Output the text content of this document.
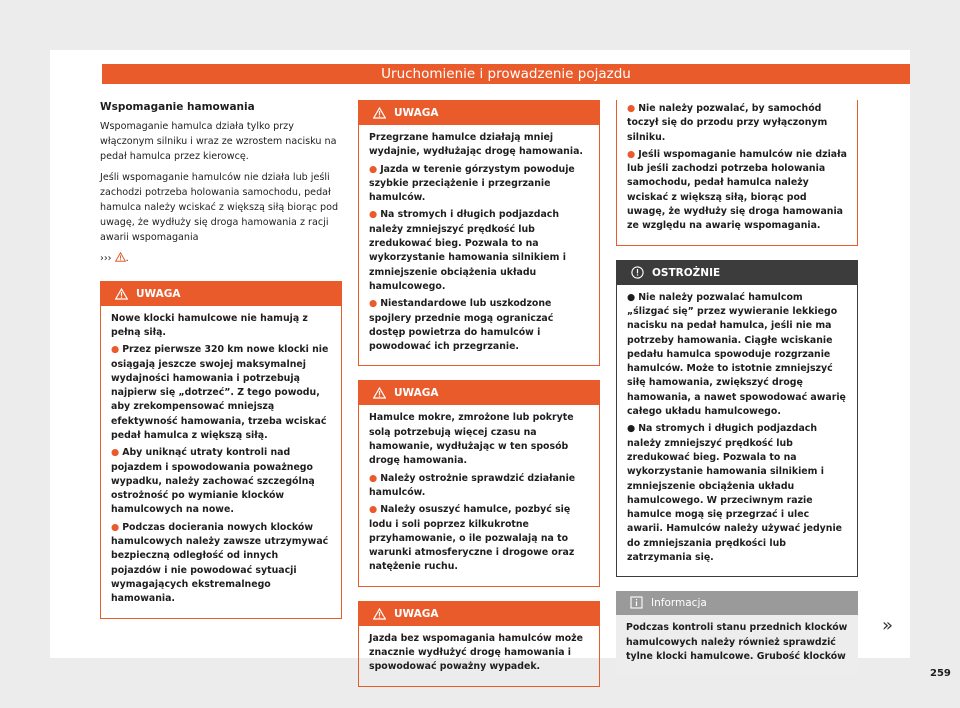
Uruchomienie i prowadzenie pojazdu
Wspomaganie hamowania

Wspomaganie hamulca działa tylko przy włączonym silniku i wraz ze wzrostem nacisku na pedał hamulca przez kierowcę.

Jeśli wspomaganie hamulców nie działa lub jeśli zachodzi potrzeba holowania samochodu, pedał hamulca należy wciskać z większą siłą biorąc pod uwagę, że wydłuży się droga hamowania z racji awarii wspomagania

››› .
UWAGA

Nowe klocki hamulcowe nie hamują z pełną siłą.

● Przez pierwsze 320 km nowe klocki nie osiągają jeszcze swojej maksymalnej wydajności hamowania i potrzebują najpierw się „dotrzeć”. Z tego powodu, aby zrekompensować mniejszą efektywność hamowania, trzeba wciskać pedał hamulca z większą siłą.
● Aby uniknąć utraty kontroli nad pojazdem i spowodowania poważnego wypadku, należy zachować szczególną ostrożność po wymianie klocków hamulcowych na nowe.
● Podczas docierania nowych klocków hamulcowych należy zawsze utrzymywać bezpieczną odległość od innych pojazdów i nie powodować sytuacji wymagających ekstremalnego hamowania.
UWAGA

Przegrzane hamulce działają mniej wydajnie, wydłużając drogę hamowania.

● Jazda w terenie górzystym powoduje szybkie przeciążenie i przegrzanie hamulców.
● Na stromych i długich podjazdach należy zmniejszyć prędkość lub zredukować bieg. Pozwala to na wykorzystanie hamowania silnikiem i zmniejszenie obciążenia układu hamulcowego.
● Niestandardowe lub uszkodzone spojlery przednie mogą ograniczać dostęp powietrza do hamulców i powodować ich przegrzanie.
UWAGA

Hamulce mokre, zmrożone lub pokryte solą potrzebują więcej czasu na hamowanie, wydłużając w ten sposób drogę hamowania.

● Należy ostrożnie sprawdzić działanie hamulców.
● Należy osuszyć hamulce, pozbyć się lodu i soli poprzez kilkukrotne przyhamowanie, o ile pozwalają na to warunki atmosferyczne i drogowe oraz natężenie ruchu.
UWAGA

Jazda bez wspomagania hamulców może znacznie wydłużyć drogę hamowania i spowodować poważny wypadek.

● Nie należy pozwalać, by samochód toczył się do przodu przy wyłączonym silniku.
● Jeśli wspomaganie hamulców nie działa lub jeśli zachodzi potrzeba holowania samochodu, pedał hamulca należy wciskać z większą siłą, biorąc pod uwagę, że wydłuży się droga hamowania ze względu na awarię wspomagania.
OSTROŻNIE
● Nie należy pozwalać hamulcom „ślizgać się” przez wywieranie lekkiego nacisku na pedał hamulca, jeśli nie ma potrzeby hamowania. Ciągłe wciskanie pedału hamulca spowoduje rozgrzanie hamulców. Może to istotnie zmniejszyć siłę hamowania, zwiększyć drogę hamowania, a nawet spowodować awarię całego układu hamulcowego.
● Na stromych i długich podjazdach należy zmniejszyć prędkość lub zredukować bieg. Pozwala to na wykorzystanie hamowania silnikiem i zmniejszenie obciążenia układu hamulcowego. W przeciwnym razie hamulce mogą się przegrzać i ulec awarii. Hamulców należy używać jedynie do zmniejszania prędkości lub zatrzymania się.
Informacja

Podczas kontroli stanu przednich klocków hamulcowych należy również sprawdzić tylne klocki hamulcowe. Grubość klocków

»
259
